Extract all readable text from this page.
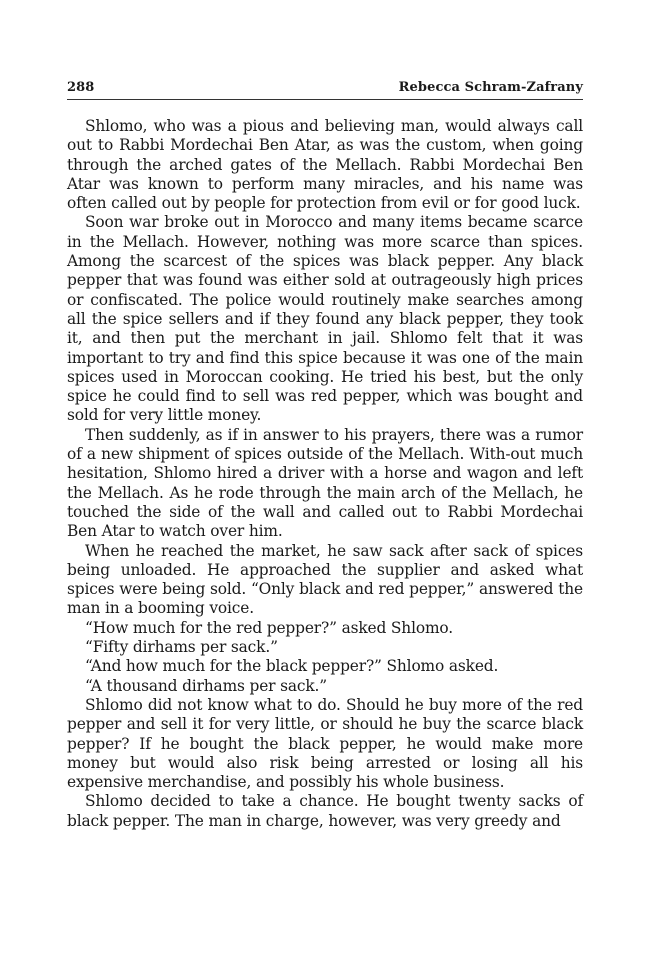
288	Rebecca Schram-Zafrany

Shlomo, who was a pious and believing man, would always call out to Rabbi Mordechai Ben Atar, as was the custom, when going through the arched gates of the Mellach. Rabbi Mordechai Ben Atar was known to perform many miracles, and his name was often called out by people for protection from evil or for good luck.

Soon war broke out in Morocco and many items became scarce in the Mellach. However, nothing was more scarce than spices. Among the scarcest of the spices was black pepper. Any black pepper that was found was either sold at outrageously high prices or confiscated. The police would routinely make searches among all the spice sellers and if they found any black pepper, they took it, and then put the merchant in jail. Shlomo felt that it was important to try and find this spice because it was one of the main spices used in Moroccan cooking. He tried his best, but the only spice he could find to sell was red pepper, which was bought and sold for very little money.

Then suddenly, as if in answer to his prayers, there was a rumor of a new shipment of spices outside of the Mellach. With-out much hesitation, Shlomo hired a driver with a horse and wagon and left the Mellach. As he rode through the main arch of the Mellach, he touched the side of the wall and called out to Rabbi Mordechai Ben Atar to watch over him.

When he reached the market, he saw sack after sack of spices being unloaded. He approached the supplier and asked what spices were being sold. “Only black and red pepper,” answered the man in a booming voice.

“How much for the red pepper?” asked Shlomo.

“Fifty dirhams per sack.”

“And how much for the black pepper?” Shlomo asked.

“A thousand dirhams per sack.”

Shlomo did not know what to do. Should he buy more of the red pepper and sell it for very little, or should he buy the scarce black pepper? If he bought the black pepper, he would make more money but would also risk being arrested or losing all his expensive merchandise, and possibly his whole business.

Shlomo decided to take a chance. He bought twenty sacks of black pepper. The man in charge, however, was very greedy and
